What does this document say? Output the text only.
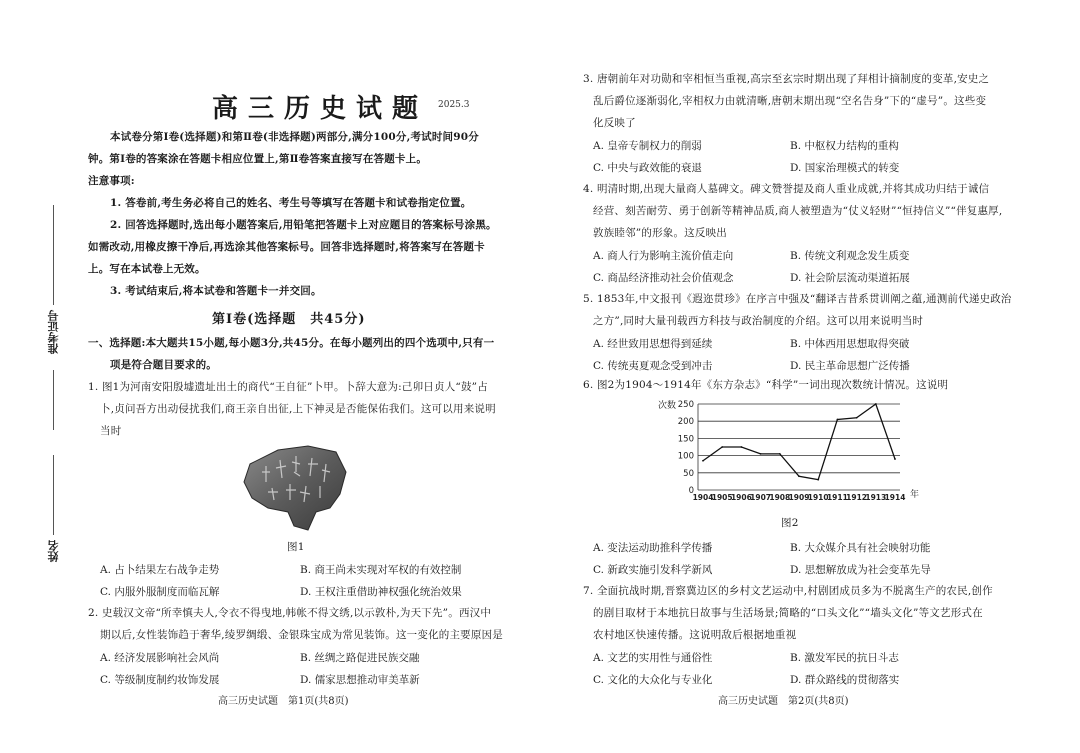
准考证号
姓名
高三历史试题 2025.3
本试卷分第Ⅰ卷(选择题)和第Ⅱ卷(非选择题)两部分,满分100分,考试时间90分
钟。第Ⅰ卷的答案涂在答题卡相应位置上,第Ⅱ卷答案直接写在答题卡上。
注意事项:
1. 答卷前,考生务必将自己的姓名、考生号等填写在答题卡和试卷指定位置。
2. 回答选择题时,选出每小题答案后,用铅笔把答题卡上对应题目的答案标号涂黑。
如需改动,用橡皮擦干净后,再选涂其他答案标号。回答非选择题时,将答案写在答题卡
上。写在本试卷上无效。
3. 考试结束后,将本试卷和答题卡一并交回。
第Ⅰ卷(选择题　共45分)
一、选择题:本大题共15小题,每小题3分,共45分。在每小题列出的四个选项中,只有一
项是符合题目要求的。
1. 图1为河南安阳殷墟遗址出土的商代“王自征”卜甲。卜辞大意为:己卯日贞人“鼓”占
卜,贞问吾方出动侵扰我们,商王亲自出征,上下神灵是否能保佑我们。这可以用来说明
当时
图1
A. 占卜结果左右战争走势	B. 商王尚未实现对军权的有效控制
C. 内服外服制度而临瓦解	D. 王权注重借助神权强化统治效果
2. 史载汉文帝“所幸慎夫人,令衣不得曳地,帏帐不得文绣,以示敦朴,为天下先”。西汉中
期以后,女性装饰趋于奢华,绫罗绸缎、金银珠宝成为常见装饰。这一变化的主要原因是
A. 经济发展影响社会风尚	B. 丝绸之路促进民族交融
C. 等级制度制约妆饰发展	D. 儒家思想推动审美革新
高三历史试题　第1页(共8页)
3. 唐朝前年对功勋和宰相恒当重视,高宗至玄宗时期出现了拜相计摘制度的变革,安史之
乱后爵位逐渐弱化,宰相权力由就清晰,唐朝末期出现“空名告身”下的“虚号”。这些变
化反映了
A. 皇帝专制权力的削弱	B. 中枢权力结构的重构
C. 中央与政效能的衰退	D. 国家治理模式的转变
4. 明清时期,出现大量商人墓碑文。碑文赞誉提及商人重业成就,并将其成功归结于诚信
经营、刻苦耐劳、勇于创新等精神品质,商人被塑造为“仗义轻财”“恒持信义”“伴复惠厚,
敦族睦邻”的形象。这反映出
A. 商人行为影响主流价值走向	B. 传统文利观念发生质变
C. 商品经济推动社会价值观念	D. 社会阶层流动渠道拓展
5. 1853年,中文报刊《遐迩贯珍》在序言中强及“翻译吉昔系贯训阐之蕴,通测前代递史政治
之方”,同时大量刊载西方科技与政治制度的介绍。这可以用来说明当时
A. 经世致用思想得到延续	B. 中体西用思想取得突破
C. 传统夷夏观念受到冲击	D. 民主革命思想广泛传播
6. 图2为1904～1914年《东方杂志》“科学”一词出现次数统计情况。这说明
次数
年
0
50
100
150
200
250
1904
1905
1906
1907
1908
1909
1910
1911
1912
1913
1914
图2
A. 变法运动助推科学传播	B. 大众媒介具有社会映射功能
C. 新政实施引发科学新风	D. 思想解放成为社会变革先导
7. 全面抗战时期,晋察冀边区的乡村文艺运动中,村剧团成员多为不脱离生产的农民,创作
的剧目取材于本地抗日故事与生活场景;简略的“口头文化”“墙头文化”等文艺形式在
农村地区快速传播。这说明敌后根据地重视
A. 文艺的实用性与通俗性	B. 激发军民的抗日斗志
C. 文化的大众化与专业化	D. 群众路线的贯彻落实
高三历史试题　第2页(共8页)
